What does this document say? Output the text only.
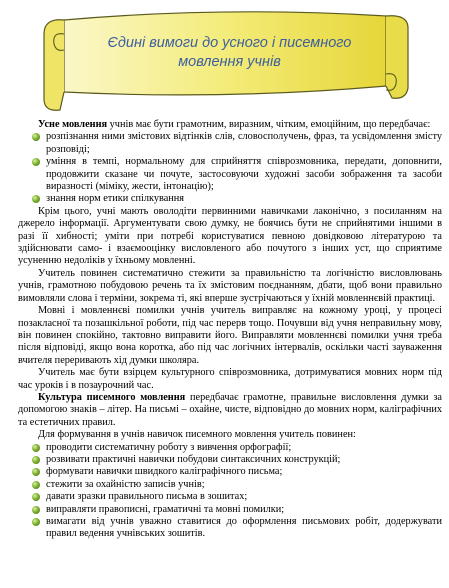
Єдині вимоги до усного і писемного
мовлення учнів

Усне мовлення учнів має бути грамотним, виразним, чітким, емоційним, що передбачає:

розпізнання ними змістових відтінків слів, словосполучень, фраз, та усвідомлення змісту розповіді;
уміння в темпі, нормальному для сприйняття співрозмовника, передати, доповнити, продовжити сказане чи почуте, застосовуючи художні засоби зображення та засоби виразності (міміку, жести, інтонацію);
знання норм етики спілкування

Крім цього, учні мають оволодіти первинними навичками лаконічно, з посиланням на джерело інформації. Аргументувати свою думку, не боячись бути не сприйнятими іншими в разі її хибності; уміти при потребі користуватися певною довідковою літературою та здійснювати само- і взаємооцінку висловленого або почутого з інших уст, що сприятиме усуненню недоліків у їхньому мовленні.

Учитель повинен систематично стежити за правильністю та логічністю висловлювань учнів, грамотною побудовою речень та їх змістовим поєднанням, дбати, щоб вони правильно вимовляли слова і терміни, зокрема ті, які вперше зустрічаються у їхній мовленнєвій практиці.

Мовні і мовленнєві помилки учнів учитель виправляє на кожному уроці, у процесі позакласної та позашкільної роботи, під час перерв тощо. Почувши від учня неправильну мову, він повинен спокійно, тактовно виправити його. Виправляти мовленнєві помилки учня треба після відповіді, якщо вона коротка, або під час логічних інтервалів, оскільки часті зауваження вчителя переривають хід думки школяра.

Учитель має бути взірцем культурного співрозмовника, дотримуватися мовних норм під час уроків і в позаурочний час.

Культура писемного мовлення передбачає грамотне, правильне висловлення думки за допомогою знаків – літер. На письмі – охайне, чисте, відповідно до мовних норм, каліграфічних та естетичних правил.

Для формування в учнів навичок писемного мовлення учитель повинен:

проводити систематичну роботу з вивчення орфографії;
розвивати практичні навички побудови синтаксичних конструкцій;
формувати навички швидкого каліграфічного письма;
стежити за охайністю записів учнів;
давати зразки правильного письма в зошитах;
виправляти правописні, граматичні та мовні помилки;
вимагати від учнів уважно ставитися до оформлення письмових робіт, додержувати правил ведення учнівських зошитів.
